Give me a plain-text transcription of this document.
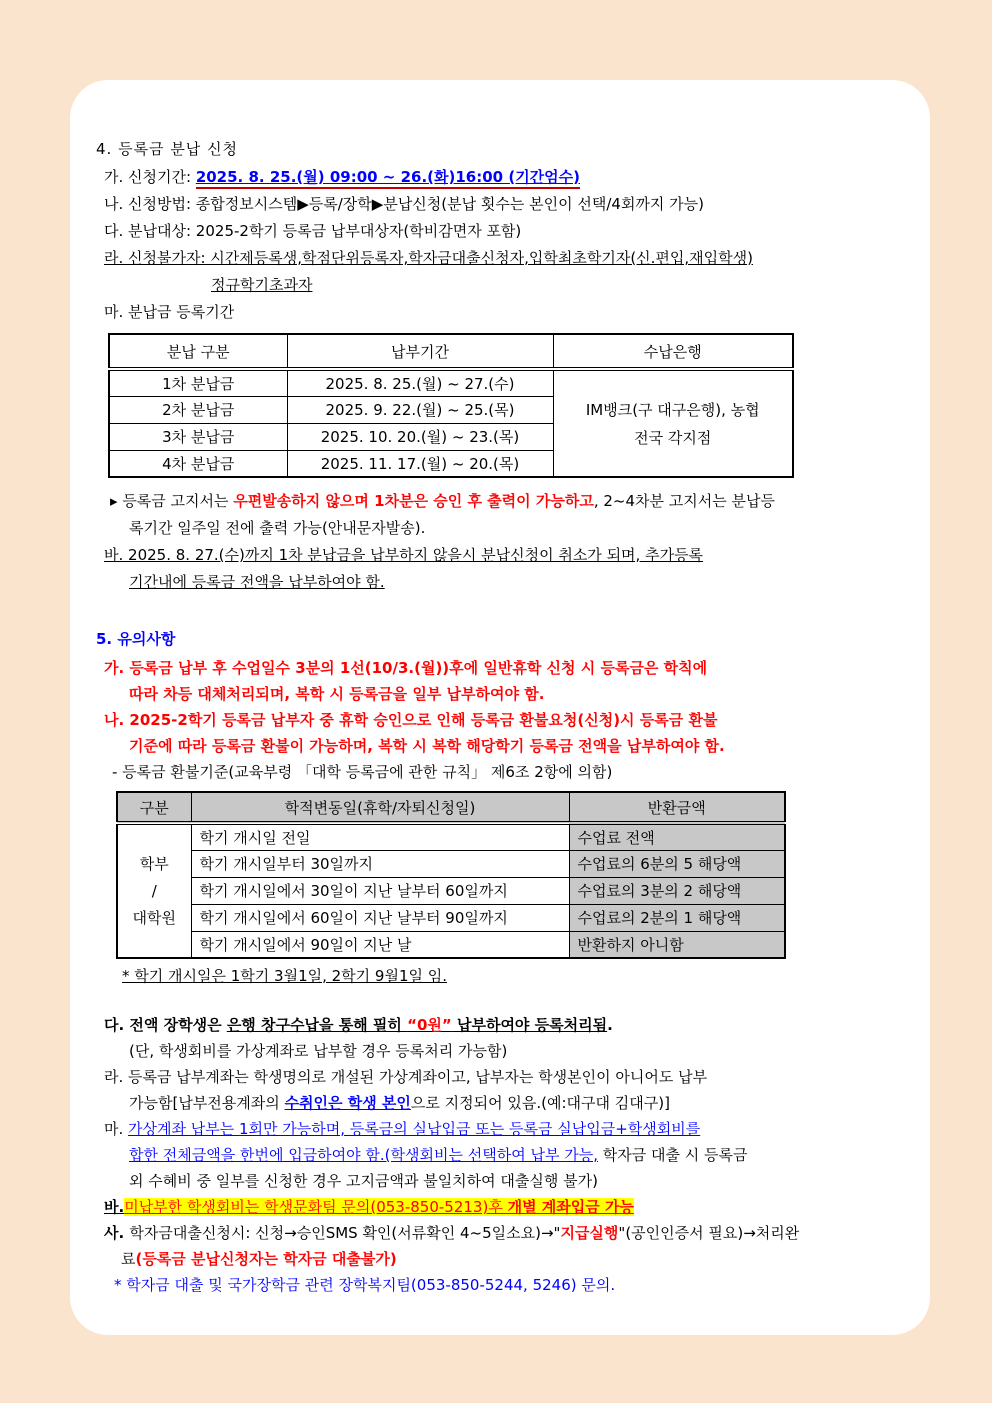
4. 등록금 분납 신청
가. 신청기간: 2025. 8. 25.(월) 09:00 ~ 26.(화)16:00 (기간엄수)
나. 신청방법: 종합정보시스템▶등록/장학▶분납신청(분납 횟수는 본인이 선택/4회까지 가능)
다. 분납대상: 2025-2학기 등록금 납부대상자(학비감면자 포함)
라. 신청불가자: 시간제등록생,학점단위등록자,학자금대출신청자,입학최초학기자(신.편입,재입학생)
정규학기초과자
마. 분납금 등록기간
분납 구분	납부기간	수납은행
1차 분납금	2025. 8. 25.(월) ~ 27.(수)	IM뱅크(구 대구은행), 농협
전국 각지점

2차 분납금	2025. 9. 22.(월) ~ 25.(목)	
3차 분납금	2025. 10. 20.(월) ~ 23.(목)	
4차 분납금	2025. 11. 17.(월) ~ 20.(목)	
▸ 등록금 고지서는 우편발송하지 않으며 1차분은 승인 후 출력이 가능하고, 2~4차분 고지서는 분납등
록기간 일주일 전에 출력 가능(안내문자발송).
바. 2025. 8. 27.(수)까지 1차 분납금을 납부하지 않을시 분납신청이 취소가 되며, 추가등록
기간내에 등록금 전액을 납부하여야 함.
5. 유의사항
가. 등록금 납부 후 수업일수 3분의 1선(10/3.(월))후에 일반휴학 신청 시 등록금은 학칙에
따라 차등 대체처리되며, 복학 시 등록금을 일부 납부하여야 함.
나. 2025-2학기 등록금 납부자 중 휴학 승인으로 인해 등록금 환불요청(신청)시 등록금 환불
기준에 따라 등록금 환불이 가능하며, 복학 시 복학 해당학기 등록금 전액을 납부하여야 함.
- 등록금 환불기준(교육부령 「대학 등록금에 관한 규칙」 제6조 2항에 의함)
구분	학적변동일(휴학/자퇴신청일)	반환금액

학부
/
대학원	학기 개시일 전일	수업료 전액
	학기 개시일부터 30일까지	수업료의 6분의 5 해당액
	학기 개시일에서 30일이 지난 날부터 60일까지	수업료의 3분의 2 해당액
	학기 개시일에서 60일이 지난 날부터 90일까지	수업료의 2분의 1 해당액
	학기 개시일에서 90일이 지난 날	반환하지 아니함
* 학기 개시일은 1학기 3월1일, 2학기 9월1일 임.
다. 전액 장학생은 은행 창구수납을 통해 필히 “0원” 납부하여야 등록처리됨.
(단, 학생회비를 가상계좌로 납부할 경우 등록처리 가능함)
라. 등록금 납부계좌는 학생명의로 개설된 가상계좌이고, 납부자는 학생본인이 아니어도 납부
가능함[납부전용계좌의 수취인은 학생 본인으로 지정되어 있음.(예:대구대 김대구)]
마. 가상계좌 납부는 1회만 가능하며, 등록금의 실납입금 또는 등록금 실납입금+학생회비를
합한 전체금액을 한번에 입금하여야 함.(학생회비는 선택하여 납부 가능, 학자금 대출 시 등록금
외 수혜비 중 일부를 신청한 경우 고지금액과 불일치하여 대출실행 불가)
바.미납부한 학생회비는 학생문화팀 문의(053-850-5213)후 개별 계좌입금 가능
사. 학자금대출신청시: 신청→승인SMS 확인(서류확인 4~5일소요)→"지급실행"(공인인증서 필요)→처리완
료(등록금 분납신청자는 학자금 대출불가)
* 학자금 대출 및 국가장학금 관련 장학복지팀(053-850-5244, 5246) 문의.
